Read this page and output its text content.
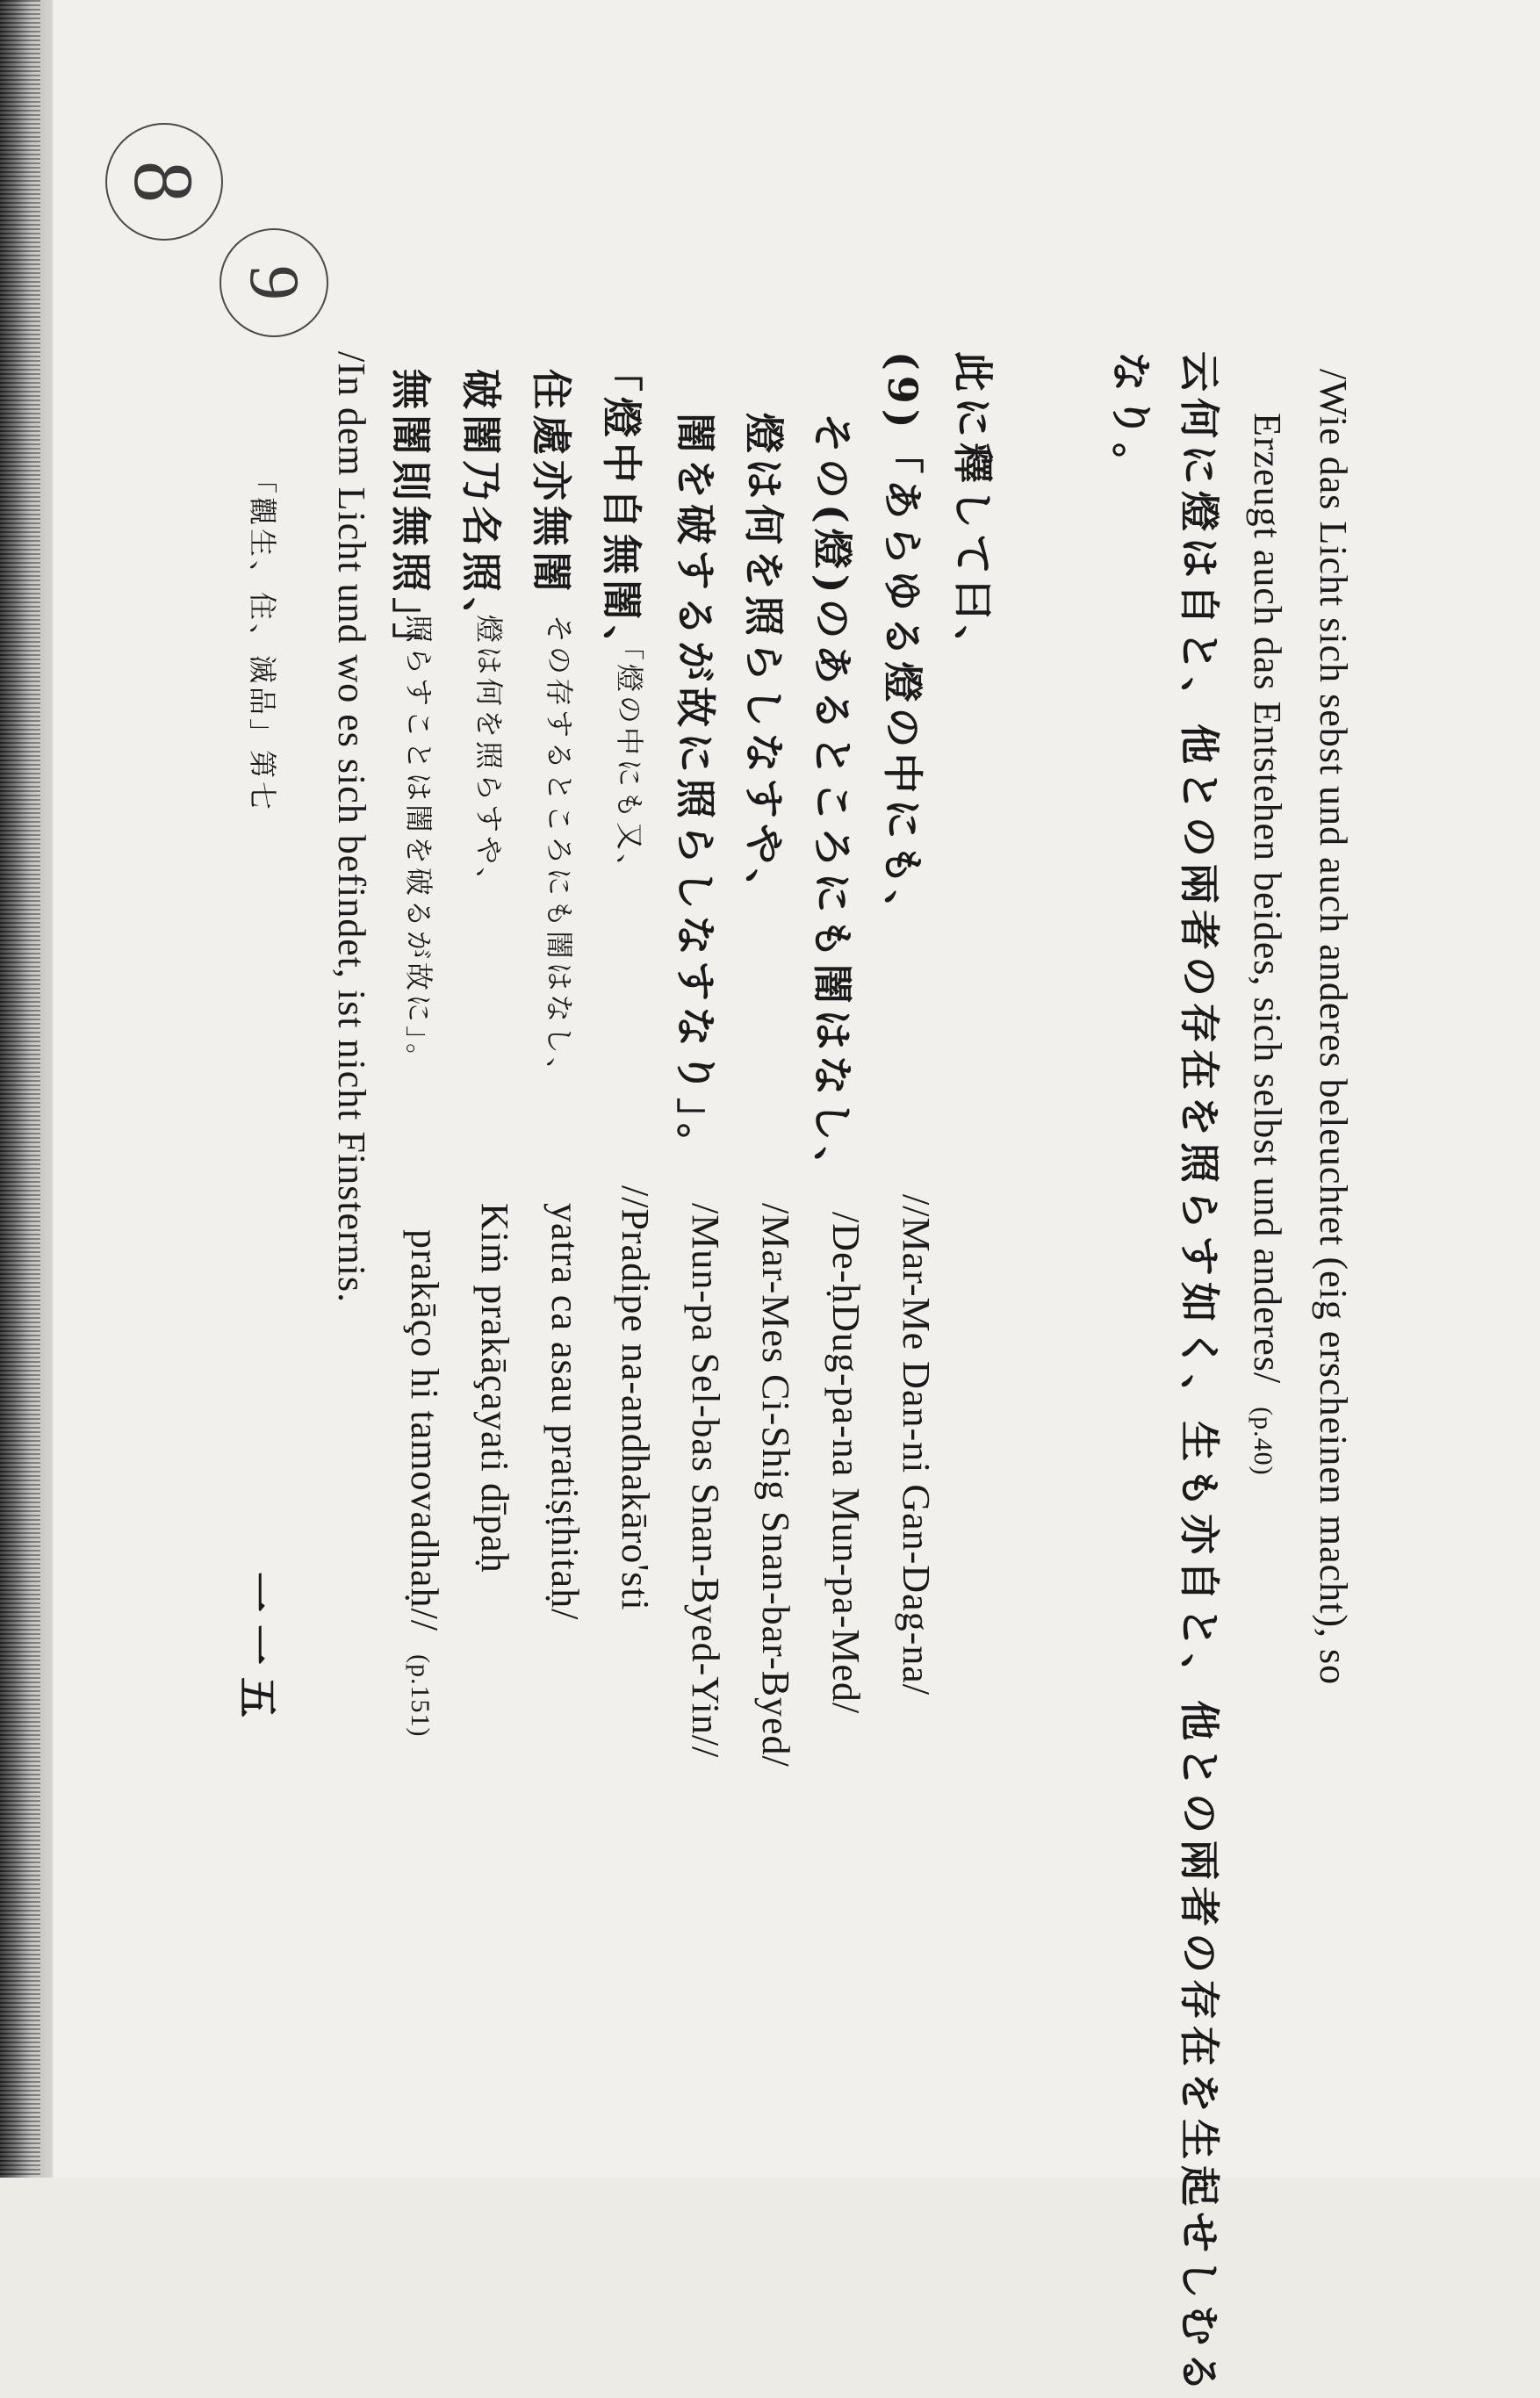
8
9
/Wie das Licht sich sebst und auch anderes beleuchtet (eig erscheinen macht), so
Erzeugt auch das Entstehen beides, sich selbst und anderes/ (p.40)
云何に燈は自と、他との兩者の存在を照らす如く、生も亦自と、他との兩者の存在を生起せしむる
なり。
此に釋して曰、
(9)「あらゆる燈の中にも、
//Mar-Me Dan-ni Gan-Dag-na/
その(燈)のあるところにも闇はなし、
/De-ḥDug-pa-na Mun-pa-Med/
燈は何を照らしなすや、
/Mar-Mes Ci-Shig Snan-bar-Byed/
闇を破するが故に照らしなすなり」。
/Mun-pa Sel-bas Snan-Byed-Yin//
「燈中自無闇、
「燈の中にも又、
//Pradipe na-andhakāro'sti
住處亦無闇
その存するところにも闇はなし、
yatra ca asau pratiṣṭhitaḥ/
破闇乃名照、
燈は何を照らすや、
Kiṁ prakāçayati dīpaḥ
無闇則無照」」
照らすことは闇を破るが故に」。
prakāço hi tamovadhaḥ// (p.151)
/In dem Licht und wo es sich befindet, ist nicht Finsternis.
「觀生、住、滅品」第七
一一五
